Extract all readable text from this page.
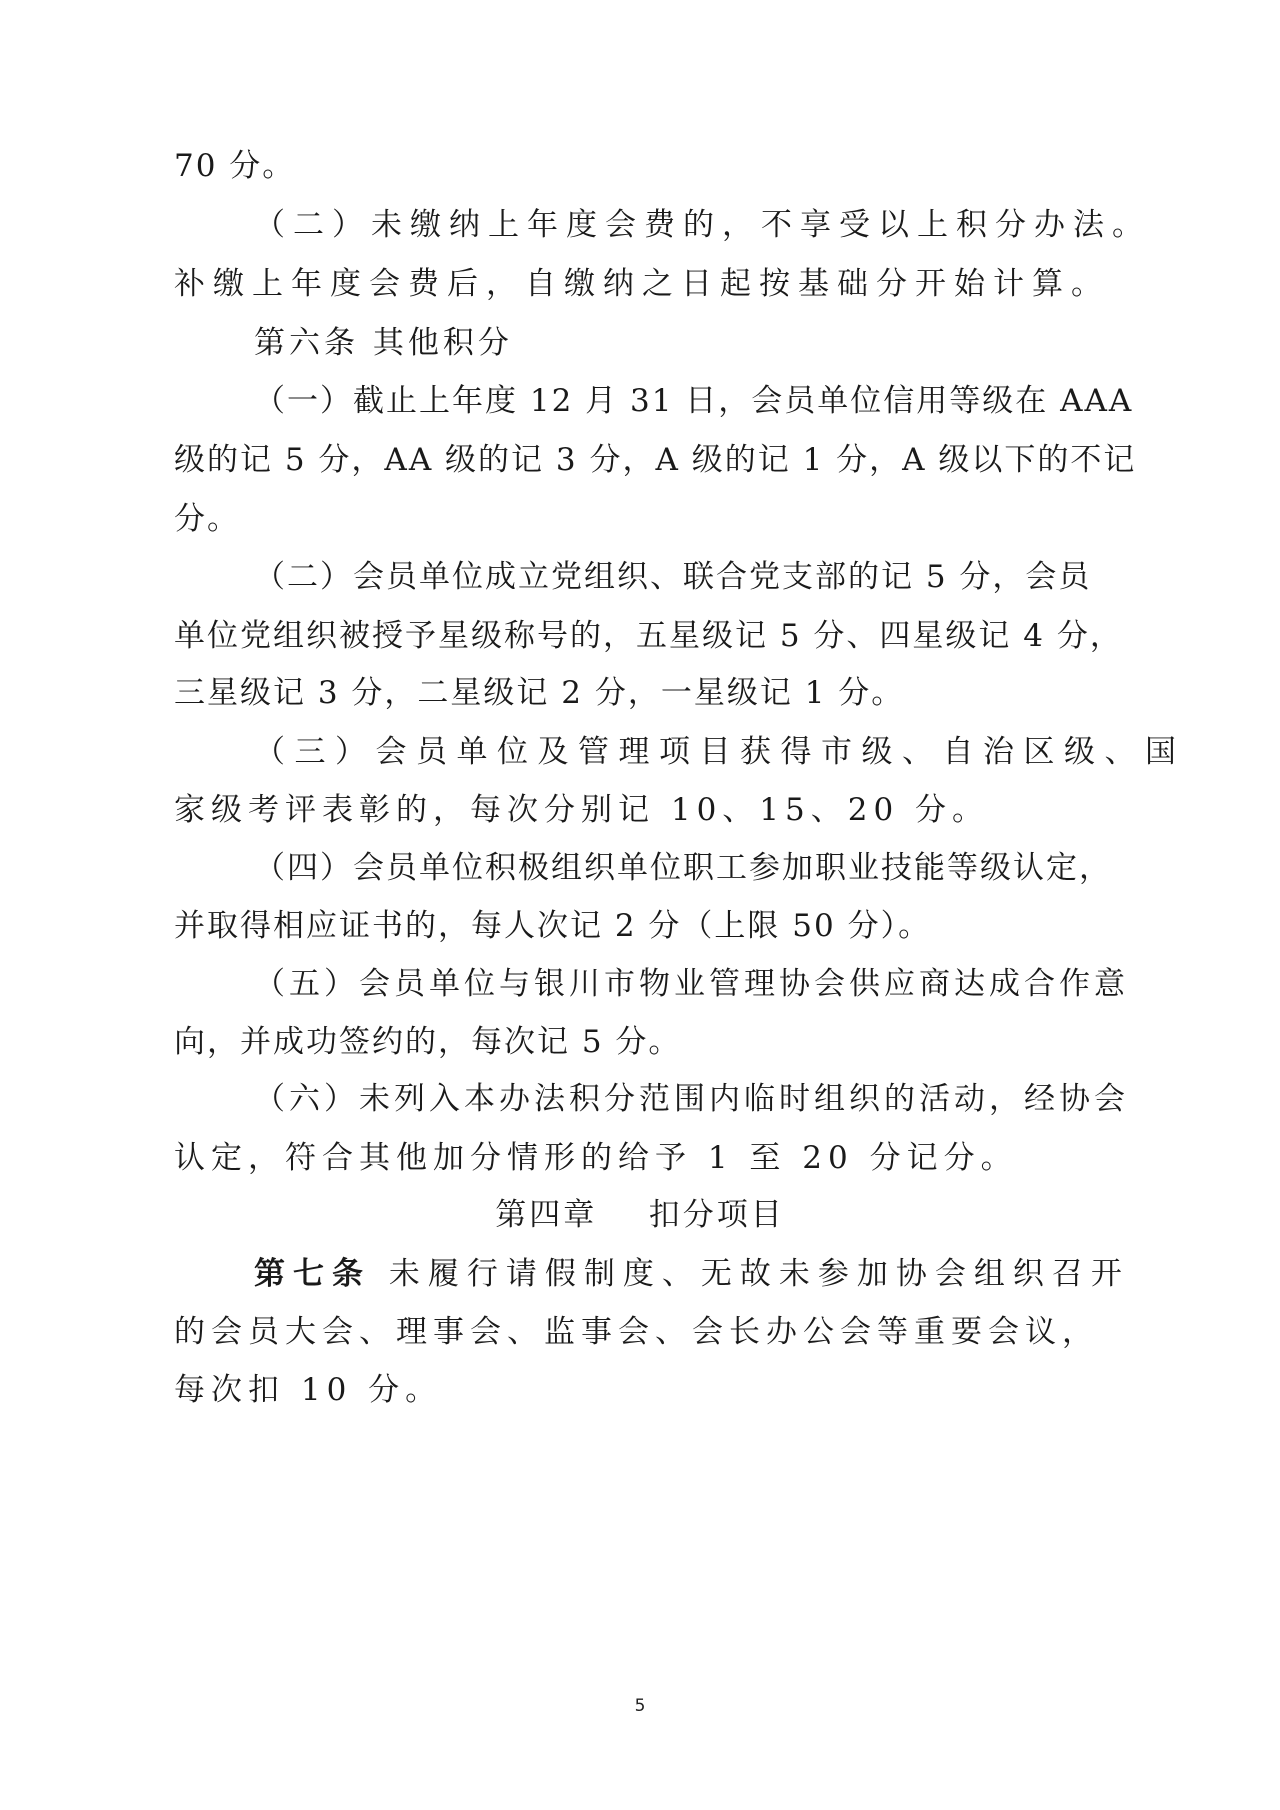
70 分。
（二）未缴纳上年度会费的，不享受以上积分办法。
补缴上年度会费后，自缴纳之日起按基础分开始计算。
第六条 其他积分
（一）截止上年度 12 月 31 日，会员单位信用等级在 AAA
级的记 5 分，AA 级的记 3 分，A 级的记 1 分，A 级以下的不记
分。
（二）会员单位成立党组织、联合党支部的记 5 分，会员
单位党组织被授予星级称号的，五星级记 5 分、四星级记 4 分，
三星级记 3 分，二星级记 2 分，一星级记 1 分。
（三）会员单位及管理项目获得市级、自治区级、国
家级考评表彰的，每次分别记 10、15、20 分。
（四）会员单位积极组织单位职工参加职业技能等级认定，
并取得相应证书的，每人次记 2 分（上限 50 分）。
（五）会员单位与银川市物业管理协会供应商达成合作意
向，并成功签约的，每次记 5 分。
（六）未列入本办法积分范围内临时组织的活动，经协会
认定，符合其他加分情形的给予 1 至 20 分记分。
第四章    扣分项目
第七条 未履行请假制度、无故未参加协会组织召开
的会员大会、理事会、监事会、会长办公会等重要会议，
每次扣 10 分。
5
